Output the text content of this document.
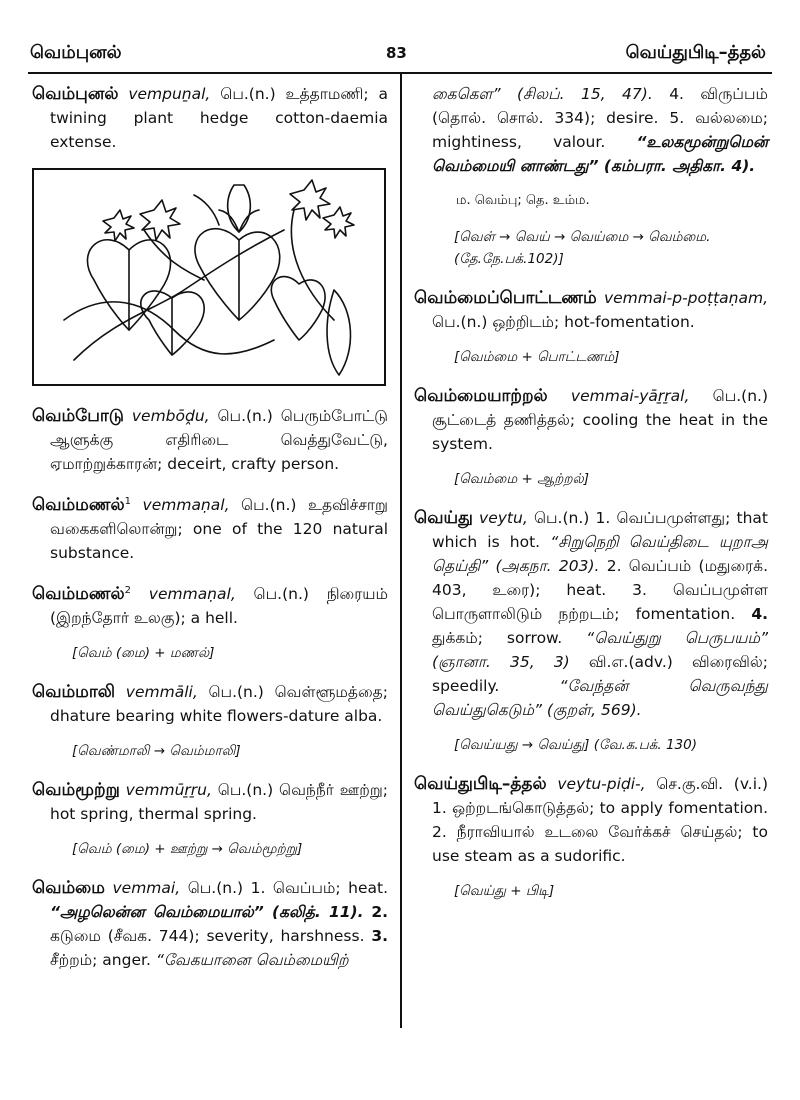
வெம்புனல்	83	வெய்துபிடி–த்தல்

வெம்புனல் vempuṉal, பெ.(n.) உத்தாமணி; a twining plant hedge cotton-daemia extense.

வெம்போடு vembōḓu, பெ.(n.) பெரும்போட்டு ஆளுக்கு எதிரிடை வெத்துவேட்டு, ஏமாற்றுக்காரன்; deceirt, crafty person.

வெம்மணல்$^1$ vemmaṇal, பெ.(n.) உதவிச்சாறு வகைகளிலொன்று; one of the 120 natural substance.

வெம்மணல்$^2$ vemmaṇal, பெ.(n.) நிரையம் (இறந்தோர் உலகு); a hell.

[வெம் (மை) + மணல்]

வெம்மாலி vemmāli, பெ.(n.) வெள்ளூமத்தை; dhature bearing white flowers-dature alba.

[வெண்மாலி → வெம்மாலி]

வெம்மூற்று vemmūṟṟu, பெ.(n.) வெந்நீர் ஊற்று; hot spring, thermal spring.

[வெம் (மை) + ஊற்று → வெம்மூற்று]

வெம்மை vemmai, பெ.(n.) 1. வெப்பம்; heat. “அழலென்ன வெம்மையால்” (கலித். 11). 2. கடுமை (சீவக. 744); severity, harshness. 3. சீற்றம்; anger. “வேகயானை வெம்மையிற்

கைகௌ” (சிலப். 15, 47). 4. விருப்பம் (தொல். சொல். 334); desire. 5. வல்லமை; mightiness, valour. “உலகமூன்றுமென் வெம்மையி னாண்டது” (கம்பரா. அதிகா. 4).

ம. வெம்பு; தெ. உம்ம.
[வெள் → வெய் → வெய்மை → வெம்மை. (தே.நே.பக்.102)]

வெம்மைப்பொட்டணம் vemmai-p-poṭṭaṇam, பெ.(n.) ஒற்றிடம்; hot-fomentation.

[வெம்மை + பொட்டணம்]

வெம்மையாற்றல் vemmai-yāṟṟal, பெ.(n.) சூட்டைத் தணித்தல்; cooling the heat in the system.

[வெம்மை + ஆற்றல்]

வெய்து veytu, பெ.(n.) 1. வெப்பமுள்ளது; that which is hot. “சிறுநெறி வெய்திடை யுறாஅ தெய்தி” (அகநா. 203). 2. வெப்பம் (மதுரைக். 403, உரை); heat. 3. வெப்பமுள்ள பொருளாலிடும் நற்றடம்; fomentation. 4. துக்கம்; sorrow. “வெய்துறு பெருபயம்” (ஞானா. 35, 3) வி.எ.(adv.) விரைவில்; speedily.	“வேந்தன் வெருவந்து வெய்துகெடும்” (குறள், 569).

[வெய்யது → வெய்து] (வே.க.பக். 130)

வெய்துபிடி–த்தல் veytu-piḍi-, செ.கு.வி. (v.i.) 1. ஒற்றடங்கொடுத்தல்; to apply fomentation. 2. நீராவியால் உடலை வேர்க்கச் செய்தல்; to use steam as a sudorific.

[வெய்து + பிடி]
